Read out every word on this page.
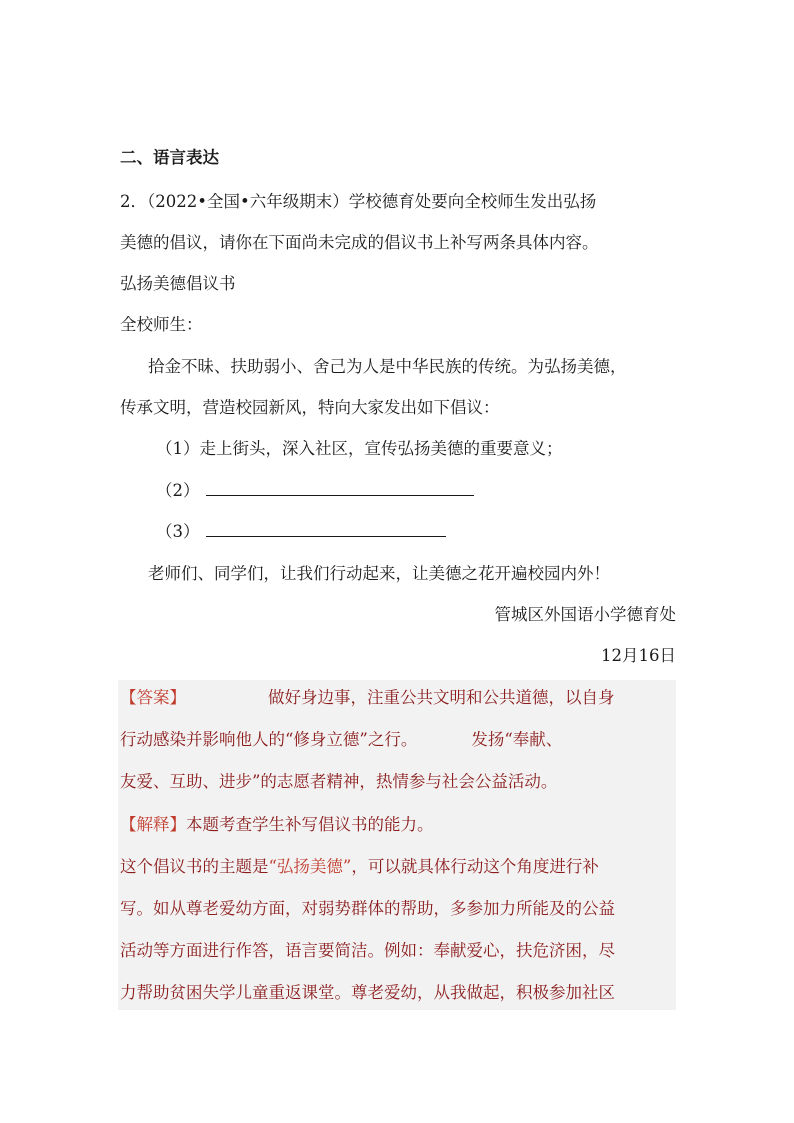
二、语言表达
2．（2022•全国•六年级期末）学校德育处要向全校师生发出弘扬
美德的倡议，请你在下面尚未完成的倡议书上补写两条具体内容。
弘扬美德倡议书
全校师生：
拾金不昧、扶助弱小、舍己为人是中华民族的传统。为弘扬美德，
传承文明，营造校园新风，特向大家发出如下倡议：
（1）走上街头，深入社区，宣传弘扬美德的重要意义；
（2）
（3）
老师们、同学们，让我们行动起来，让美德之花开遍校园内外！
管城区外国语小学德育处
12月16日
【答案】	做好身边事，注重公共文明和公共道德，以自身
行动感染并影响他人的“修身立德”之行。	发扬“奉献、
友爱、互助、进步”的志愿者精神，热情参与社会公益活动。
【解释】本题考查学生补写倡议书的能力。
这个倡议书的主题是“弘扬美德”，可以就具体行动这个角度进行补
写。如从尊老爱幼方面，对弱势群体的帮助，多参加力所能及的公益
活动等方面进行作答，语言要简洁。例如：奉献爱心，扶危济困，尽
力帮助贫困失学儿童重返课堂。尊老爱幼，从我做起，积极参加社区
